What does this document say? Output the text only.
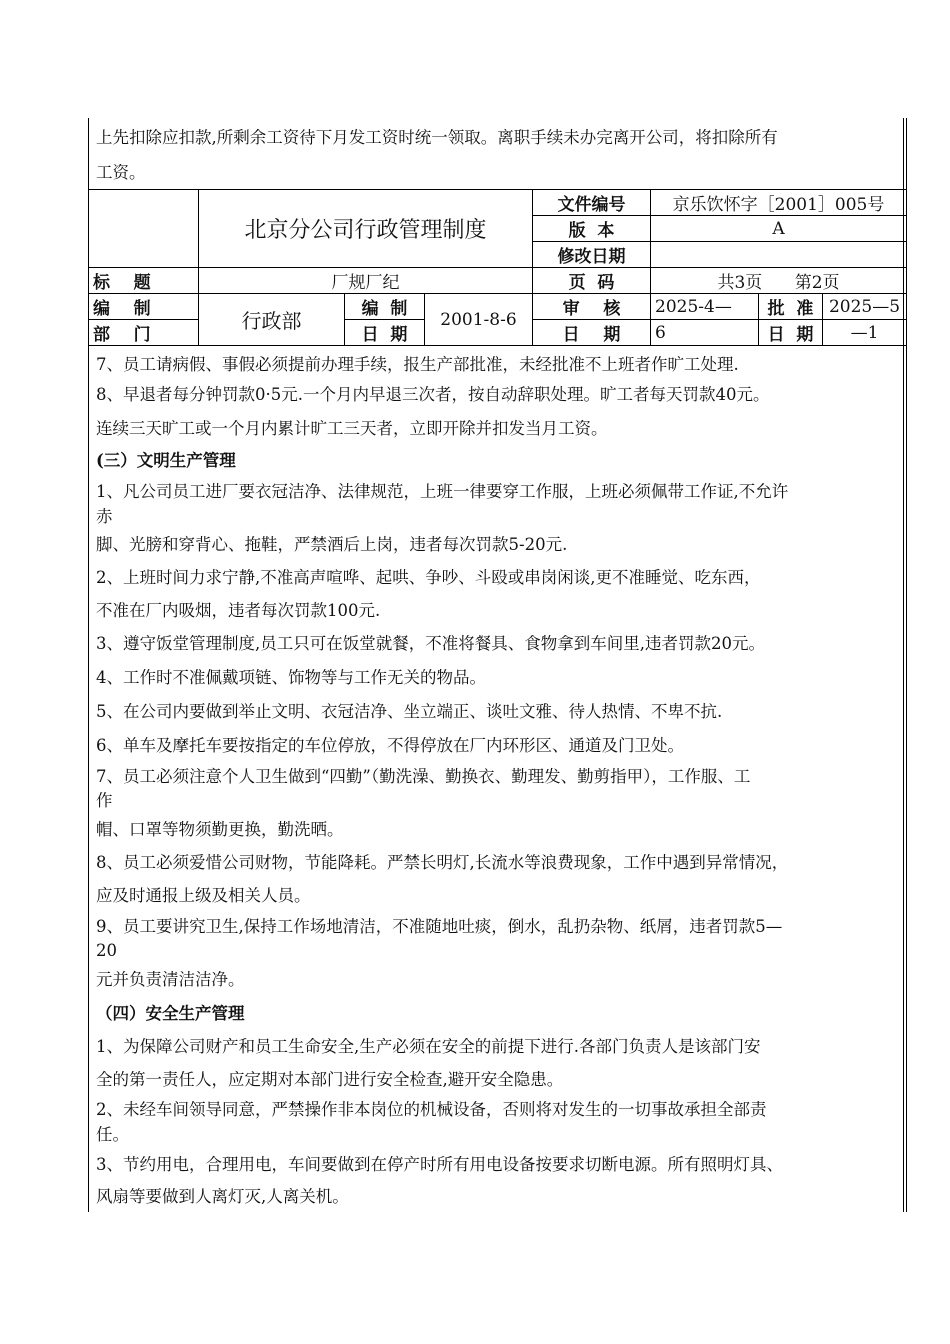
上先扣除应扣款,所剩余工资待下月发工资时统一领取。离职手续未办完离开公司，将扣除所有
工资。
	北京分公司行政管理制度			文件编号	京乐饮怀字［2001］005号		
				版  本	A		
				修改日期			
标    题	厂规厂纪			页  码	共3页      第2页		
编    制	行政部	编  制	2001-8-6	审    核	2025-4—	批  准	2025—5
部    门		日  期		日    期	6	日  期	—1
7、员工请病假、事假必须提前办理手续，报生产部批准，未经批准不上班者作旷工处理.
8、早退者每分钟罚款0·5元.一个月内早退三次者，按自动辞职处理。旷工者每天罚款40元。
连续三天旷工或一个月内累计旷工三天者，立即开除并扣发当月工资。
(三）文明生产管理
1、凡公司员工进厂要衣冠洁净、法律规范，上班一律要穿工作服，上班必须佩带工作证,不允许
赤
脚、光膀和穿背心、拖鞋，严禁酒后上岗，违者每次罚款5-20元.
2、上班时间力求宁静,不准高声喧哗、起哄、争吵、斗殴或串岗闲谈,更不准睡觉、吃东西，
不准在厂内吸烟，违者每次罚款100元.
3、遵守饭堂管理制度,员工只可在饭堂就餐，不准将餐具、食物拿到车间里,违者罚款20元。
4、工作时不准佩戴项链、饰物等与工作无关的物品。
5、在公司内要做到举止文明、衣冠洁净、坐立端正、谈吐文雅、待人热情、不卑不抗.
6、单车及摩托车要按指定的车位停放，不得停放在厂内环形区、通道及门卫处。
7、员工必须注意个人卫生做到“四勤”（勤洗澡、勤换衣、勤理发、勤剪指甲），工作服、工
作
帽、口罩等物须勤更换，勤洗晒。
8、员工必须爱惜公司财物，节能降耗。严禁长明灯,长流水等浪费现象，工作中遇到异常情况，
应及时通报上级及相关人员。
9、员工要讲究卫生,保持工作场地清洁，不准随地吐痰，倒水，乱扔杂物、纸屑，违者罚款5—
20
元并负责清洁洁净。
（四）安全生产管理
1、为保障公司财产和员工生命安全,生产必须在安全的前提下进行.各部门负责人是该部门安
全的第一责任人，应定期对本部门进行安全检查,避开安全隐患。
2、未经车间领导同意，严禁操作非本岗位的机械设备，否则将对发生的一切事故承担全部责
任。
3、节约用电，合理用电，车间要做到在停产时所有用电设备按要求切断电源。所有照明灯具、
风扇等要做到人离灯灭,人离关机。
